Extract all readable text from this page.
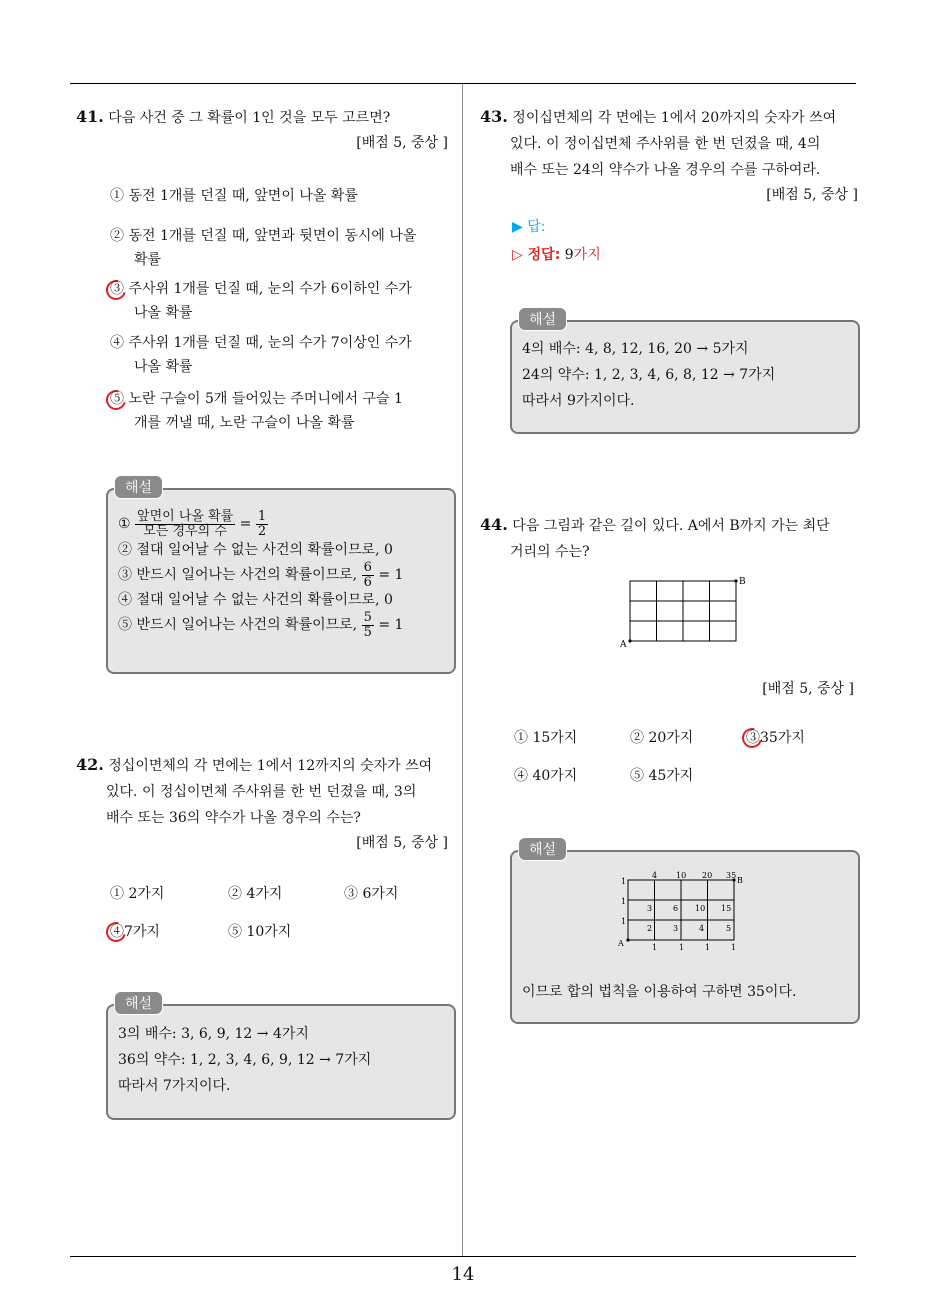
41. 다음 사건 중 그 확률이 1인 것을 모두 고르면?
[배점 5, 중상 ]
① 동전 1개를 던질 때, 앞면이 나올 확률
② 동전 1개를 던질 때, 앞면과 뒷면이 동시에 나올
확률
③ 주사위 1개를 던질 때, 눈의 수가 6이하인 수가
나올 확률
④ 주사위 1개를 던질 때, 눈의 수가 7이상인 수가
나올 확률
⑤ 노란 구슬이 5개 들어있는 주머니에서 구슬 1
개를 꺼낼 때, 노란 구슬이 나올 확률
해설
① $\frac{\text{앞면이 나올 확률}}{\text{모든 경우의 수}} = \frac{1}{2}$
② 절대 일어날 수 없는 사건의 확률이므로, 0
③ 반드시 일어나는 사건의 확률이므로, $\frac{6}{6} = 1$
④ 절대 일어날 수 없는 사건의 확률이므로, 0
⑤ 반드시 일어나는 사건의 확률이므로, $\frac{5}{5} = 1$
42. 정십이면체의 각 면에는 1에서 12까지의 숫자가 쓰여
있다. 이 정십이면체 주사위를 한 번 던졌을 때, 3의
배수 또는 36의 약수가 나올 경우의 수는?
[배점 5, 중상 ]
① 2가지	② 4가지	③ 6가지
④7가지	⑤ 10가지
해설
3의 배수: 3, 6, 9, 12 → 4가지
36의 약수: 1, 2, 3, 4, 6, 9, 12 → 7가지
따라서 7가지이다.
43. 정이십면체의 각 면에는 1에서 20까지의 숫자가 쓰여
있다. 이 정이십면체 주사위를 한 번 던졌을 때, 4의
배수 또는 24의 약수가 나올 경우의 수를 구하여라.
[배점 5, 중상 ]
▶ 답:
▷ 정답: 9가지
해설
4의 배수: 4, 8, 12, 16, 20 → 5가지
24의 약수: 1, 2, 3, 4, 6, 8, 12 → 7가지
따라서 9가지이다.
44. 다음 그림과 같은 길이 있다. A에서 B까지 가는 최단
거리의 수는?
B
A
[배점 5, 중상 ]
① 15가지	② 20가지	③35가지
④ 40가지	⑤ 45가지
해설
4 10 20 35
B
1
1
1
3	6 10 15
2	3	4	5
A	1	1	1	1
이므로 합의 법칙을 이용하여 구하면 35이다.
14
